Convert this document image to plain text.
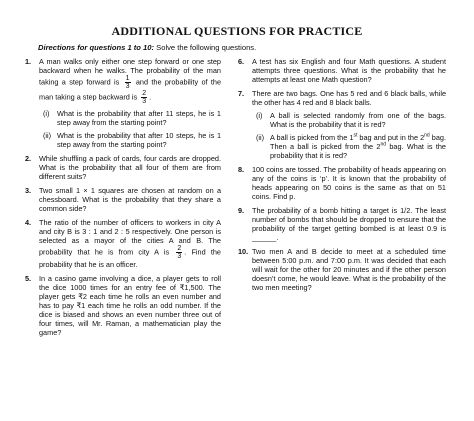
ADDITIONAL QUESTIONS FOR PRACTICE
Directions for questions 1 to 10: Solve the following questions.
1. A man walks only either one step forward or one step backward when he walks. The probability of the man taking a step forward is $\frac{1}{3}$ and the probability of the man taking a step backward is $\frac{2}{3}$ .
(i) What is the probability that after 11 steps, he is 1 step away from the starting point?
(ii) What is the probability that after 10 steps, he is 1 step away from the starting point?
2. While shuffling a pack of cards, four cards are dropped. What is the probability that all four of them are from different suits?
3. Two small 1 × 1 squares are chosen at random on a chessboard. What is the probability that they share a common side?
4. The ratio of the number of officers to workers in city A and city B is 3 : 1 and 2 : 5 respectively. One person is selected as a mayor of the cities A and B. The probability that he is from city A is $\frac{2}{3}$ . Find the probability that he is an officer.
5. In a casino game involving a dice, a player gets to roll the dice 1000 times for an entry fee of ₹1,500. The player gets ₹2 each time he rolls an even number and has to pay ₹1 each time he rolls an odd number. If the dice is biased and shows an even number three out of four times, will Mr. Raman, a mathematician play the game?
6. A test has six English and four Math questions. A student attempts three questions. What is the probability that he attempts at least one Math question?
7. There are two bags. One has 5 red and 6 black balls, while the other has 4 red and 8 black balls.
(i) A ball is selected randomly from one of the bags. What is the probability that it is red?
(ii) A ball is picked from the 1st bag and put in the 2nd bag. Then a ball is picked from the 2nd bag. What is the probability that it is red?
8. 100 coins are tossed. The probability of heads appearing on any of the coins is ‘p’. It is known that the probability of heads appearing on 50 coins is the same as that on 51 coins. Find p.
9. The probability of a bomb hitting a target is 1/2. The least number of bombs that should be dropped to ensure that the probability of the target getting bombed is at least 0.9 is ______.
10. Two men A and B decide to meet at a scheduled time between 5:00 p.m. and 7:00 p.m. It was decided that each will wait for the other for 20 minutes and if the other person doesn’t come, he would leave. What is the probability of the two men meeting?
